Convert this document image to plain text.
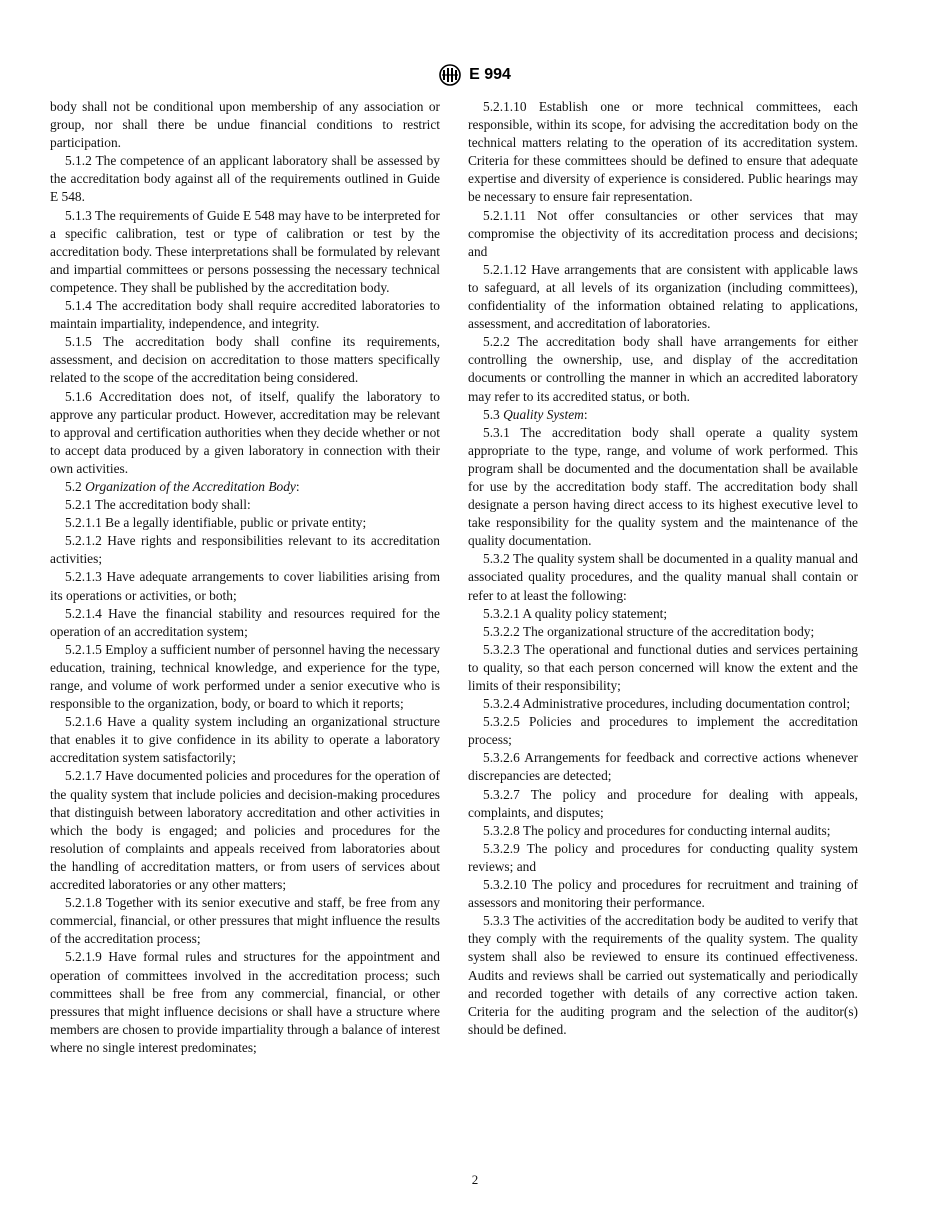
E 994

body shall not be conditional upon membership of any association or group, nor shall there be undue financial conditions to restrict participation.

5.1.2 The competence of an applicant laboratory shall be assessed by the accreditation body against all of the requirements outlined in Guide E 548.

5.1.3 The requirements of Guide E 548 may have to be interpreted for a specific calibration, test or type of calibration or test by the accreditation body. These interpretations shall be formulated by relevant and impartial committees or persons possessing the necessary technical competence. They shall be published by the accreditation body.

5.1.4 The accreditation body shall require accredited laboratories to maintain impartiality, independence, and integrity.

5.1.5 The accreditation body shall confine its requirements, assessment, and decision on accreditation to those matters specifically related to the scope of the accreditation being considered.

5.1.6 Accreditation does not, of itself, qualify the laboratory to approve any particular product. However, accreditation may be relevant to approval and certification authorities when they decide whether or not to accept data produced by a given laboratory in connection with their own activities.

5.2 Organization of the Accreditation Body:

5.2.1 The accreditation body shall:

5.2.1.1 Be a legally identifiable, public or private entity;

5.2.1.2 Have rights and responsibilities relevant to its accreditation activities;

5.2.1.3 Have adequate arrangements to cover liabilities arising from its operations or activities, or both;

5.2.1.4 Have the financial stability and resources required for the operation of an accreditation system;

5.2.1.5 Employ a sufficient number of personnel having the necessary education, training, technical knowledge, and experience for the type, range, and volume of work performed under a senior executive who is responsible to the organization, body, or board to which it reports;

5.2.1.6 Have a quality system including an organizational structure that enables it to give confidence in its ability to operate a laboratory accreditation system satisfactorily;

5.2.1.7 Have documented policies and procedures for the operation of the quality system that include policies and decision-making procedures that distinguish between laboratory accreditation and other activities in which the body is engaged; and policies and procedures for the resolution of complaints and appeals received from laboratories about the handling of accreditation matters, or from users of services about accredited laboratories or any other matters;

5.2.1.8 Together with its senior executive and staff, be free from any commercial, financial, or other pressures that might influence the results of the accreditation process;

5.2.1.9 Have formal rules and structures for the appointment and operation of committees involved in the accreditation process; such committees shall be free from any commercial, financial, or other pressures that might influence decisions or shall have a structure where members are chosen to provide impartiality through a balance of interest where no single interest predominates;

5.2.1.10 Establish one or more technical committees, each responsible, within its scope, for advising the accreditation body on the technical matters relating to the operation of its accreditation system. Criteria for these committees should be defined to ensure that adequate expertise and diversity of experience is considered. Public hearings may be necessary to ensure fair representation.

5.2.1.11 Not offer consultancies or other services that may compromise the objectivity of its accreditation process and decisions; and

5.2.1.12 Have arrangements that are consistent with applicable laws to safeguard, at all levels of its organization (including committees), confidentiality of the information obtained relating to applications, assessment, and accreditation of laboratories.

5.2.2 The accreditation body shall have arrangements for either controlling the ownership, use, and display of the accreditation documents or controlling the manner in which an accredited laboratory may refer to its accredited status, or both.

5.3 Quality System:

5.3.1 The accreditation body shall operate a quality system appropriate to the type, range, and volume of work performed. This program shall be documented and the documentation shall be available for use by the accreditation body staff. The accreditation body shall designate a person having direct access to its highest executive level to take responsibility for the quality system and the maintenance of the quality documentation.

5.3.2 The quality system shall be documented in a quality manual and associated quality procedures, and the quality manual shall contain or refer to at least the following:

5.3.2.1 A quality policy statement;

5.3.2.2 The organizational structure of the accreditation body;

5.3.2.3 The operational and functional duties and services pertaining to quality, so that each person concerned will know the extent and the limits of their responsibility;

5.3.2.4 Administrative procedures, including documentation control;

5.3.2.5 Policies and procedures to implement the accreditation process;

5.3.2.6 Arrangements for feedback and corrective actions whenever discrepancies are detected;

5.3.2.7 The policy and procedure for dealing with appeals, complaints, and disputes;

5.3.2.8 The policy and procedures for conducting internal audits;

5.3.2.9 The policy and procedures for conducting quality system reviews; and

5.3.2.10 The policy and procedures for recruitment and training of assessors and monitoring their performance.

5.3.3 The activities of the accreditation body be audited to verify that they comply with the requirements of the quality system. The quality system shall also be reviewed to ensure its continued effectiveness. Audits and reviews shall be carried out systematically and periodically and recorded together with details of any corrective action taken. Criteria for the auditing program and the selection of the auditor(s) should be defined.

2
